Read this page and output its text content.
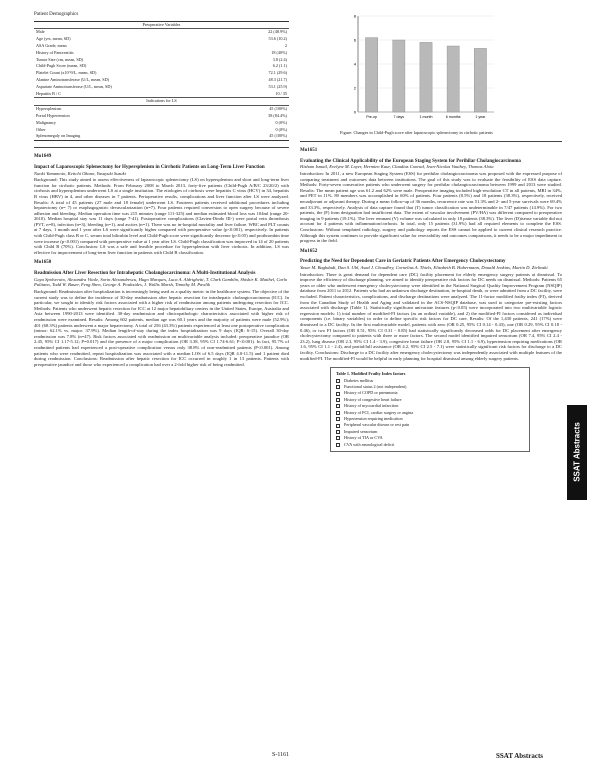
Patient Demographics
Preoperative Variables	
Male	22 (48.9%)
Age (yrs, mean, SD)	53.6 (10.2)
ASA Grade, mean	2
History of Pancreatitis	18 (40%)
Tumor Size (cm, mean, SD)	3.8 (2.4)
Child-Pugh Score (mean, SD)	6.2 (1.1)
Platelet Count (x10^9/L, mean, SD)	72.1 (29.6)
Alanine Aminotransferase (U/L, mean, SD)	48.3 (21.7)
Aspartate Aminotransferase (U/L, mean, SD)	53.1 (25.9)
Hepatitis B / C	10 / 35
Indications for LS	
Hypersplenism	45 (100%)
Portal Hypertension	38 (84.4%)
Malignancy	0 (0%)
Other	0 (0%)
Splenomegaly on Imaging	45 (100%)
Mo1649
Impact of Laparoscopic Splenectomy for Hypersplenism in Cirrhotic Patients on Long-Term Liver Function
Naoki Yamamoto, Keiichi Okano, Yasuyuki Suzuki

Background: This study aimed to assess effectiveness of laparoscopic splenectomy (LS) on hypersplenism and short and long-term liver function for cirrhotic patients. Methods: From February 2008 to March 2013, forty-five patients (Child-Pugh A/B/C 23/20/2) with cirrhosis and hypersplenism underwent LS at a single institution. The etiologies of cirrhosis were hepatitis C virus (HCV) in 34, hepatitis B virus (HBV) in 4, and other diseases in 7 patients. Perioperative results, complications and liver function after LS were analyzed. Results: A total of 45 patients (27 male and 18 female) underwent LS. Fourteen patients received additional procedures including hepatectomy (n= 7) or esophagogastric devascularization (n=7). Four patients required conversion to open surgery because of severe adhesion and bleeding. Median operation time was 215 minutes (range 111-325) and median estimated blood loss was 104ml (range 20-2610). Median hospital stay was 11 days (range 7-41). Postoperative complications (Clavien-Dindo III-) were portal vein thrombosis (PVT, n=8), infection (n=3), bleeding (n=1), and ascites (n=1). There was no in-hospital mortality and liver failure. WBC and PLT counts at 7 days, 1 month and 1 year after LS were significantly higher compared with preoperative value (p<0.001), respectively. In patients with Child-Pugh class B or C, serum total bilirubin level and Child-Pugh score were significantly decrease (p<0.05) and prothrombin time were increase (p<0.001) compared with preoperative value at 1 year after LS. Child-Pugh classification was improved in 14 of 20 patients with Child B (70%). Conclusion: LS was a safe and feasible procedure for hypersplenism with liver cirrhosis. In addition, LS was effective for improvement of long-term liver function in patients with Child B classification.

Mo1650
Readmission After Liver Resection for Intrahepatic Cholangiocarcinoma: A Multi-Institutional Analysis
Gaya Spolverato, Alexandra Vitale, Sorin Alexandrescu, Hugo Marques, Luca A. Aldrighetti, T. Clark Gamblin, Shishir K. Maithel, Carlo Pulitano, Todd W. Bauer, Feng Shen, George A. Poultsides, J. Wallis Marsh, Timothy M. Pawlik

Background: Readmission after hospitalization is increasingly being used as a quality metric in the healthcare system. The objective of the current study was to define the incidence of 30-day readmission after hepatic resection for intrahepatic cholangiocarcinoma (ICC). In particular, we sought to identify risk factors associated with a higher risk of readmission among patients undergoing resection for ICC. Methods: Patients who underwent hepatic resection for ICC at 12 major hepatobiliary centers in the United States, Europe, Australia and Asia between 1990-2013 were identified. 30-day readmission and clinicopathologic characteristics associated with higher risk of readmission were examined. Results: Among 602 patients, median age was 60.1 years and the majority of patients were male (52.9%); 401 (68.3%) patients underwent a major hepatectomy. A total of 256 (43.3%) patients experienced at least one postoperative complication (minor: 62.1% vs. major: 37.9%). Median length-of-stay during the index hospitalization was 9 days (IQR: 6-15). Overall 30-day readmission was 7.8% (n=47). Risk factors associated with readmission on multivariable analysis included: preoperative jaundice (OR 2.45, 95% CI 1.17-5.12; P=0.017) and the presence of a major complication (OR 3.38, 95% CI 1.74-6.61; P<0.001). In fact, 95.7% of readmitted patients had experienced a post-operative complication versus only 38.8% of non-readmitted patients (P<0.001). Among patients who were readmitted, repeat hospitalization was associated with a median LOS of 6.5 days (IQR 4.0-11.5) and 1 patient died during readmission. Conclusions: Readmission after hepatic resection for ICC occurred in roughly 1 in 13 patients. Patients with preoperative jaundice and those who experienced a complication had over a 2-fold higher risk of being readmitted.

0
2
4
6
8
Pre-op	7 days	1 month	6 months	1 year
Figure: Changes in Child-Pugh score after laparoscopic splenectomy in cirrhotic patients
Mo1651
Evaluating the Clinical Applicability of the European Staging System for Perihilar Cholangiocarcinoma
Hisham Ismail, Evelyne M. Loyer, Hermien Kaur, Claudius Conrad, Jean-Nicolas Vauthey, Thomas Aloia

Introduction: In 2011, a new European Staging System (ESS) for perihilar cholangiocarcinoma was proposed with the expressed purpose of comparing treatment and outcomes data between institutions. The goal of this study was to evaluate the feasibility of ESS data capture. Methods: Forty-seven consecutive patients who underwent surgery for perihilar cholangiocarcinoma between 1999 and 2013 were studied. Results: The mean patient age was 61.2 and 62% were male. Preoperative imaging included high-resolution CT in all patients, MRI in 34%, and PET in 11%. 80 members was accomplished in 60% of patients. Four patients (8.5%) and 18 patients (38.3%), respectively, received neoadjuvant or adjuvant therapy. During a mean follow-up of 36 months, recurrence rate was 51.3% and 2- and 5-year survivals were 69.4% and 33.3%, respectively. Analysis of data capture found that (T) tumor classification was undeterminable in 7/47 patients (14.9%). For two patients, the (F) form designation had insufficient data. The extent of vascular involvement (PV/HA) was different compared to preoperative imaging in 9 patients (19.1%). The liver remnant (V) volume was calculated in only 18 patients (38.3%). The liver (D)isease variable did not account for 4 patients with inflammation/cirrhosis. In total, only 15 patients (31.9%) had all required elements to complete the ESS. Conclusions: Without templated radiology, surgery and pathology reports the ESS cannot be applied to current clinical research practice. Although this system continues to provide significant value for resectability and outcomes comparisons, it needs to be a major impediment to progress in the field.

Mo1652
Predicting the Need for Dependent Care in Geriatric Patients After Emergency Cholecystectomy
Yasar M. Baghdadi, Dan S. Ubl, Asad J. Choudhry, Cornelius A. Thiels, Elizabeth B. Habermann, Donald Jenkins, Martin D. Zielinski

Introduction: There is great demand for dependent care (DC) facility placement for elderly emergency surgery patients at dismissal. To improve the efficiency of discharge planning, we aimed to identify preoperative risk factors for DC needs on dismissal. Methods: Patients 65 years or older who underwent emergency cholecystectomy were identified in the National Surgical Quality Improvement Program (NSQIP) database from 2011 to 2012. Patients who had an unknown discharge destination, in-hospital death, or were admitted from a DC facility, were excluded. Patient characteristics, complications, and discharge destinations were analyzed. The 11-factor modified frailty index (FI), derived from the Canadian Study of Health and Aging and validated in the ACS-NSQIP database, was used to categorize pre-existing factors associated with discharge (Table 1). Statistically significant univariate features (p<0.05) were incorporated into two multivariable logistic regression models: 1) total number of modified-FI factors (as an ordinal variable), and 2) the modified-FI factors considered as individual components (i.e. binary variables) in order to define specific risk factors for DC care. Results: Of the 1,430 patients, 241 (17%) were dismissed to a DC facility. In the first multivariable model, patients with zero (OR 0.25, 95% CI 0.14 - 0.43), one (OR 0.29, 95% CI 0.18 - 0.46), or two FI factors (OR 0.51, 95% CI 0.31 - 0.85) had statistically significantly decreased odds for DC placement after emergency cholecystectomy compared to patients with three or more factors. The second model identified impaired sensorium (OR 7.4, 95% CI 2.4 - 23.2), lung disease (OR 2.3, 95% CI 1.4 - 3.9), congestive heart failure (OR 2.8, 95% CI 1.1 - 6.9), hypertension requiring medications (OR 1.6, 95% CI 1.1 - 2.4), and partial/full assistance (OR 4.2, 95% CI 2.5 - 7.1) were statistically significant risk factors for discharge to a DC facility. Conclusions: Discharge to a DC facility after emergency cholecystectomy was independently associated with multiple features of the modified-FI. The modified-FI would be helpful in early planning for hospital dismissal among elderly surgery patients.

Table 1. Modified Frailty Index factors
Diabetes mellitus
Functional status 2 (not independent)
History of COPD or pneumonia
History of congestive heart failure
History of myocardial infarction
History of PCI, cardiac surgery or angina
Hypertension requiring medication
Peripheral vascular disease or rest pain
Impaired sensorium
History of TIA or CVA
CVA with neurological deficit	SSAT Abstracts
S-1161	SSAT Abstracts
